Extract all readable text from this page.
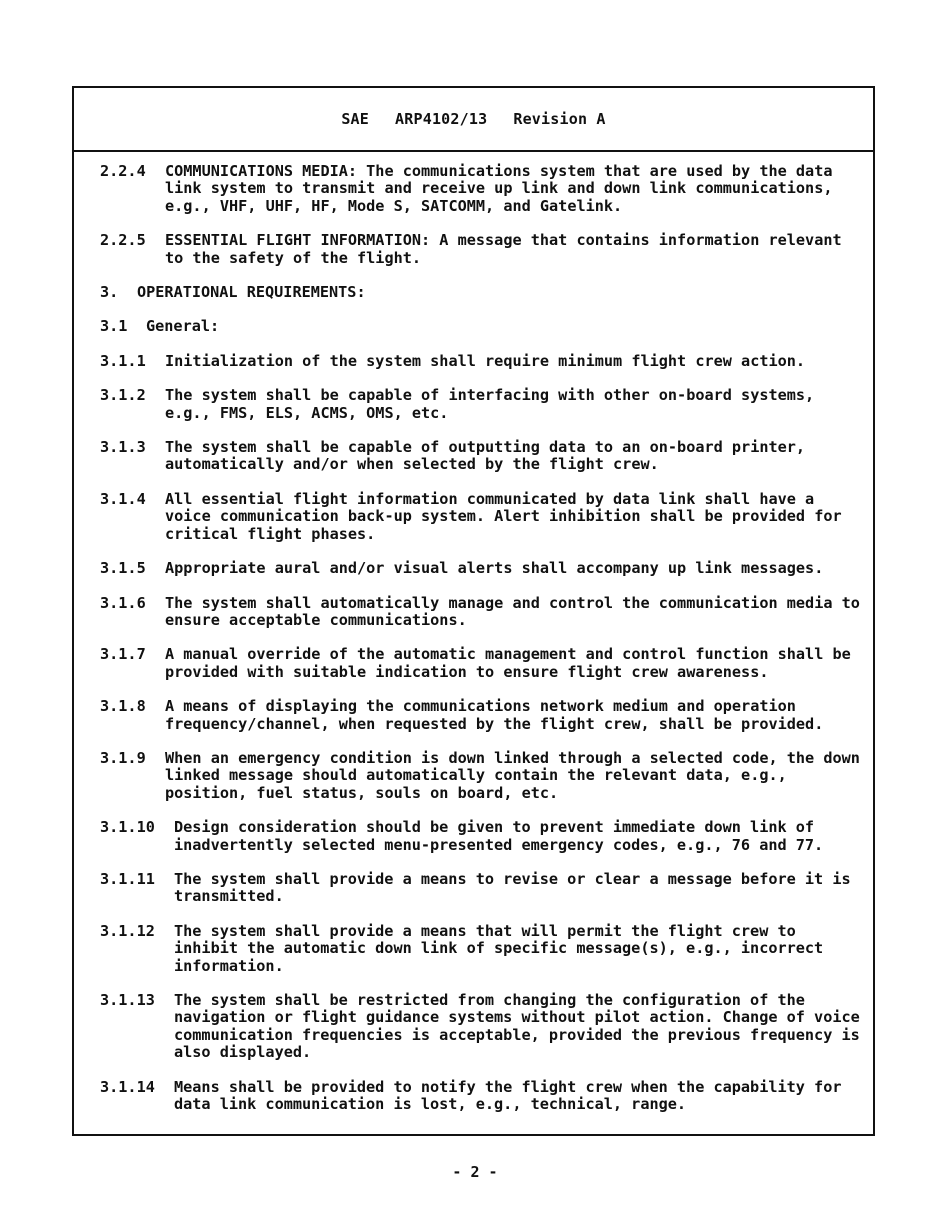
SAE ARP4102/13 Revision A
2.2.4	COMMUNICATIONS MEDIA: The communications system that are used by the data link system to transmit and receive up link and down link communications, e.g., VHF, UHF, HF, Mode S, SATCOMM, and Gatelink.
2.2.5	ESSENTIAL FLIGHT INFORMATION: A message that contains information relevant to the safety of the flight.
3.	OPERATIONAL REQUIREMENTS:
3.1	General:
3.1.1	Initialization of the system shall require minimum flight crew action.
3.1.2	The system shall be capable of interfacing with other on-board systems, e.g., FMS, ELS, ACMS, OMS, etc.
3.1.3	The system shall be capable of outputting data to an on-board printer, automatically and/or when selected by the flight crew.
3.1.4	All essential flight information communicated by data link shall have a voice communication back-up system. Alert inhibition shall be provided for critical flight phases.
3.1.5	Appropriate aural and/or visual alerts shall accompany up link messages.
3.1.6	The system shall automatically manage and control the communication media to ensure acceptable communications.
3.1.7	A manual override of the automatic management and control function shall be provided with suitable indication to ensure flight crew awareness.
3.1.8	A means of displaying the communications network medium and operation frequency/channel, when requested by the flight crew, shall be provided.
3.1.9	When an emergency condition is down linked through a selected code, the down linked message should automatically contain the relevant data, e.g., position, fuel status, souls on board, etc.
3.1.10	Design consideration should be given to prevent immediate down link of inadvertently selected menu-presented emergency codes, e.g., 76 and 77.
3.1.11	The system shall provide a means to revise or clear a message before it is transmitted.
3.1.12	The system shall provide a means that will permit the flight crew to inhibit the automatic down link of specific message(s), e.g., incorrect information.
3.1.13	The system shall be restricted from changing the configuration of the navigation or flight guidance systems without pilot action. Change of voice communication frequencies is acceptable, provided the previous frequency is also displayed.
3.1.14	Means shall be provided to notify the flight crew when the capability for data link communication is lost, e.g., technical, range.
- 2 -
